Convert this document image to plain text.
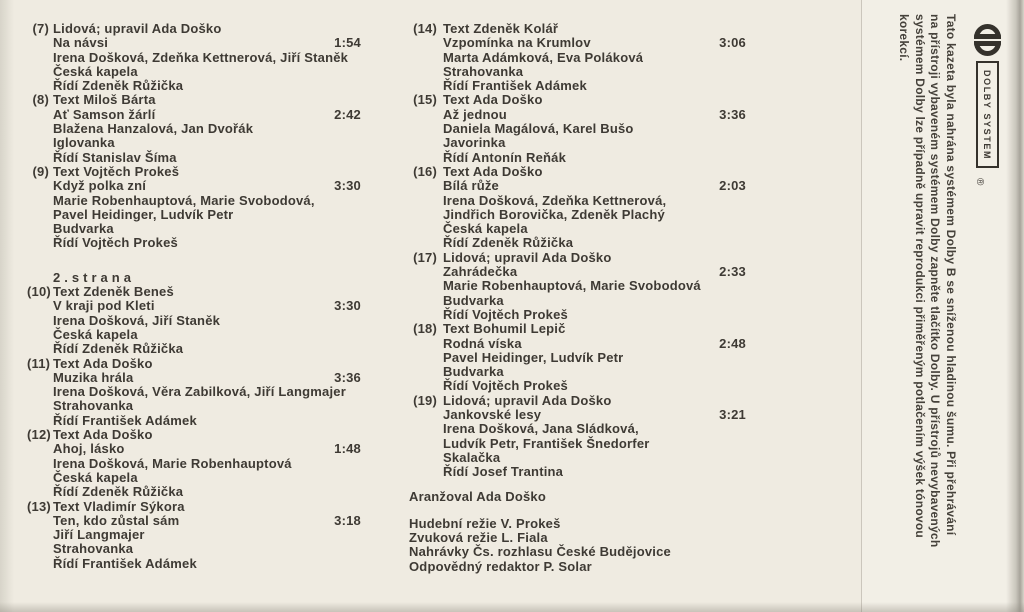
(7) Lidová; upravil Ada Doško
Na návsi	1:54
Irena Došková, Zdeňka Kettnerová, Jiří Staněk
Česká kapela
Řídí Zdeněk Růžička
(8) Text Miloš Bárta
Ať Samson žárlí	2:42
Blažena Hanzalová, Jan Dvořák
Iglovanka
Řídí Stanislav Šíma
(9) Text Vojtěch Prokeš
Když polka zní	3:30
Marie Robenhauptová, Marie Svobodová,
Pavel Heidinger, Ludvík Petr
Budvarka
Řídí Vojtěch Prokeš
2 . s t r a n a
(10) Text Zdeněk Beneš
V kraji pod Kleti	3:30
Irena Došková, Jiří Staněk
Česká kapela
Řídí Zdeněk Růžička
(11) Text Ada Doško
Muzika hrála	3:36
Irena Došková, Věra Zabilková, Jiří Langmajer
Strahovanka
Řídí František Adámek
(12) Text Ada Doško
Ahoj, lásko	1:48
Irena Došková, Marie Robenhauptová
Česká kapela
Řídí Zdeněk Růžička
(13) Text Vladimír Sýkora
Ten, kdo zůstal sám	3:18
Jiří Langmajer
Strahovanka
Řídí František Adámek
(14) Text Zdeněk Kolář
Vzpomínka na Krumlov	3:06
Marta Adámková, Eva Poláková
Strahovanka
Řídí František Adámek
(15) Text Ada Doško
Až jednou	3:36
Daniela Magálová, Karel Bušo
Javorinka
Řídí Antonín Reňák
(16) Text Ada Doško
Bílá růže	2:03
Irena Došková, Zdeňka Kettnerová,
Jindřich Borovička, Zdeněk Plachý
Česká kapela
Řídí Zdeněk Růžička
(17) Lidová; upravil Ada Doško
Zahrádečka	2:33
Marie Robenhauptová, Marie Svobodová
Budvarka
Řídí Vojtěch Prokeš
(18) Text Bohumil Lepič
Rodná víska	2:48
Pavel Heidinger, Ludvík Petr
Budvarka
Řídí Vojtěch Prokeš
(19) Lidová; upravil Ada Doško
Jankovské lesy	3:21
Irena Došková, Jana Sládková,
Ludvík Petr, František Šnedorfer
Skalačka
Řídí Josef Trantina
Aranžoval Ada Doško
Hudební režie V. Prokeš
Zvuková režie L. Fiala
Nahrávky Čs. rozhlasu České Budějovice
Odpovědný redaktor P. Solar
DOLBY SYSTEM
®
Tato kazeta byla nahrána systémem Dolby B se sníženou hladinou šumu. Při přehrávání
na přístroji vybaveném systémem Dolby zapněte tlačítko Dolby. U přístrojů nevybavených
systémem Dolby lze případně upravit reprodukci přiměřeným potlačením výšek tónovou
korekcí.
